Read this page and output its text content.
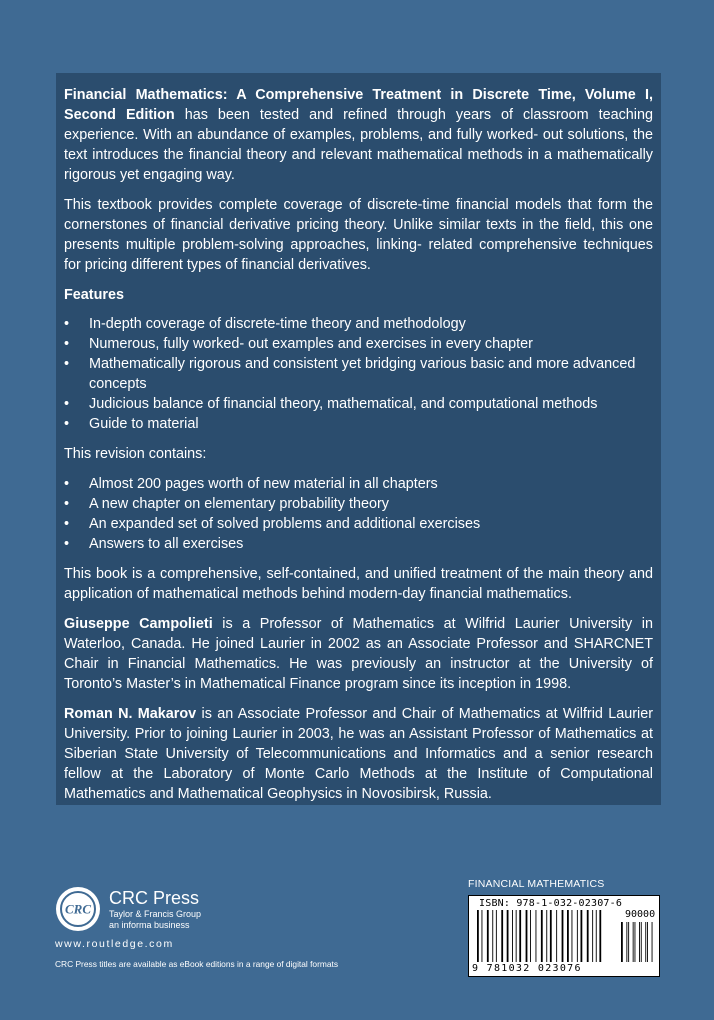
Financial Mathematics: A Comprehensive Treatment in Discrete Time, Volume I, Second Edition has been tested and refined through years of classroom teaching experience. With an abundance of examples, problems, and fully worked- out solutions, the text introduces the financial theory and relevant mathematical methods in a mathematically rigorous yet engaging way.

This textbook provides complete coverage of discrete-time financial models that form the cornerstones of financial derivative pricing theory. Unlike similar texts in the field, this one presents multiple problem-solving approaches, linking- related comprehensive techniques for pricing different types of financial derivatives.

Features

• In-depth coverage of discrete-time theory and methodology
• Numerous, fully worked- out examples and exercises in every chapter
• Mathematically rigorous and consistent yet bridging various basic and more advanced concepts
• Judicious balance of financial theory, mathematical, and computational methods
• Guide to material

This revision contains:

• Almost 200 pages worth of new material in all chapters
• A new chapter on elementary probability theory
• An expanded set of solved problems and additional exercises
• Answers to all exercises

This book is a comprehensive, self-contained, and unified treatment of the main theory and application of mathematical methods behind modern-day financial mathematics.

Giuseppe Campolieti is a Professor of Mathematics at Wilfrid Laurier University in Waterloo, Canada. He joined Laurier in 2002 as an Associate Professor and SHARCNET Chair in Financial Mathematics. He was previously an instructor at the University of Toronto’s Master’s in Mathematical Finance program since its inception in 1998.

Roman N. Makarov is an Associate Professor and Chair of Mathematics at Wilfrid Laurier University. Prior to joining Laurier in 2003, he was an Assistant Professor of Mathematics at Siberian State University of Telecommunications and Informatics and a senior research fellow at the Laboratory of Monte Carlo Methods at the Institute of Computational Mathematics and Mathematical Geophysics in Novosibirsk, Russia.

CRC
CRC Press
Taylor & Francis Group
an informa business
www.routledge.com
CRC Press titles are available as eBook editions in a range of digital formats
FINANCIAL MATHEMATICS
ISBN: 978-1-032-02307-6
90000
9 781032 023076
